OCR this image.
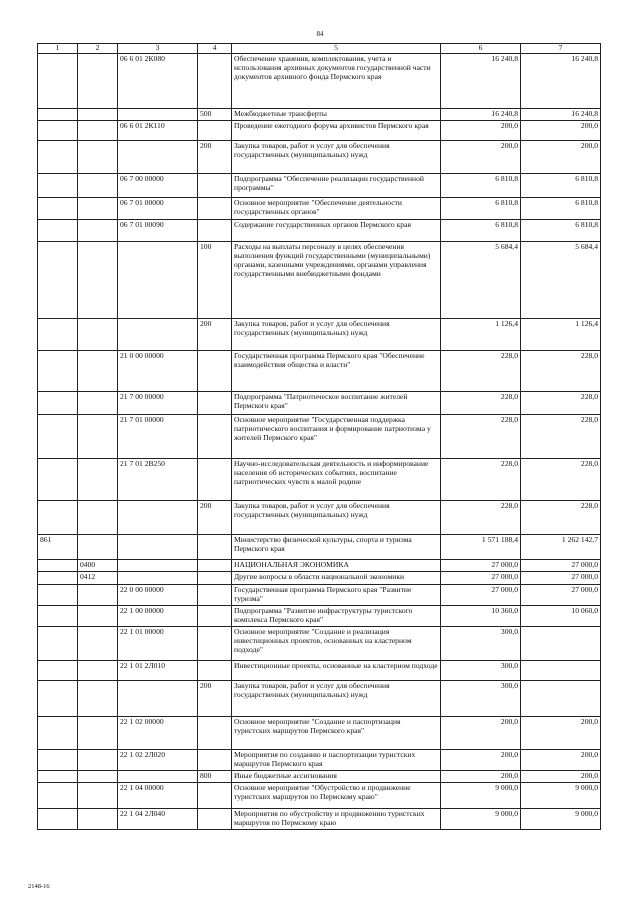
84
1	2	3	4	5	6	7
		06 6 01 2К080		Обеспечение хранения, комплектования, учета и использования архивных документов государственной части документов архивного фонда Пермского края	16 240,8	16 240,8
			500	Межбюджетные трансферты	16 240,8	16 240,8
		06 6 01 2К110		Проведение ежегодного форума архивистов Пермского края	200,0	200,0
			200	Закупка товаров, работ и услуг для обеспечения государственных (муниципальных) нужд	200,0	200,0
		06 7 00 00000		Подпрограмма "Обеспечение реализации государственной программы"	6 810,8	6 810,8
		06 7 01 00000		Основное мероприятие "Обеспечение деятельности государственных органов"	6 810,8	6 810,8
		06 7 01 00090		Содержание государственных органов Пермского края	6 810,8	6 810,8
			100	Расходы на выплаты персоналу в целях обеспечения выполнения функций государственными (муниципальными) органами, казенными учреждениями, органами управления государственными внебюджетными фондами	5 684,4	5 684,4
			200	Закупка товаров, работ и услуг для обеспечения государственных (муниципальных) нужд	1 126,4	1 126,4
		21 0 00 00000		Государственная программа Пермского края "Обеспечение взаимодействия общества и власти"	228,0	228,0
		21 7 00 00000		Подпрограмма "Патриотическое воспитание жителей Пермского края"	228,0	228,0
		21 7 01 00000		Основное мероприятие "Государственная поддержка патриотического воспитания и формирование патриотизма у жителей Пермского края"	228,0	228,0
		21 7 01 2В250		Научно-исследовательская деятельность и информирование населения об исторических событиях, воспитание патриотических чувств к малой родине	228,0	228,0
			200	Закупка товаров, работ и услуг для обеспечения государственных (муниципальных) нужд	228,0	228,0
861				Министерство физической культуры, спорта и туризма Пермского края	1 571 188,4	1 262 142,7
	0400			НАЦИОНАЛЬНАЯ ЭКОНОМИКА	27 000,0	27 000,0
	0412			Другие вопросы в области национальной экономики	27 000,0	27 000,0
		22 0 00 00000		Государственная программа Пермского края "Развитие туризма"	27 000,0	27 000,0
		22 1 00 00000		Подпрограмма "Развитие инфраструктуры туристского комплекса Пермского края"	10 360,0	10 060,0
		22 1 01 00000		Основное мероприятие "Создание и реализация инвестиционных проектов, основанных на кластерном подходе"	300,0	
		22 1 01 2Л010		Инвестиционные проекты, основанные на кластерном подходе	300,0	
			200	Закупка товаров, работ и услуг для обеспечения государственных (муниципальных) нужд	300,0	
		22 1 02 00000		Основное мероприятие "Создание и паспортизация туристских маршрутов Пермского края"	200,0	200,0
		22 1 02 2Л020		Мероприятия по созданию и паспортизации туристских маршрутов Пермского края	200,0	200,0
			800	Иные бюджетные ассигнования	200,0	200,0
		22 1 04 00000		Основное мероприятие "Обустройство и продвижение туристских маршрутов по Пермскому краю"	9 000,0	9 000,0
		22 1 04 2Л040		Мероприятия по обустройству и продвижению туристских маршрутов по Пермскому краю	9 000,0	9 000,0
2148-16
